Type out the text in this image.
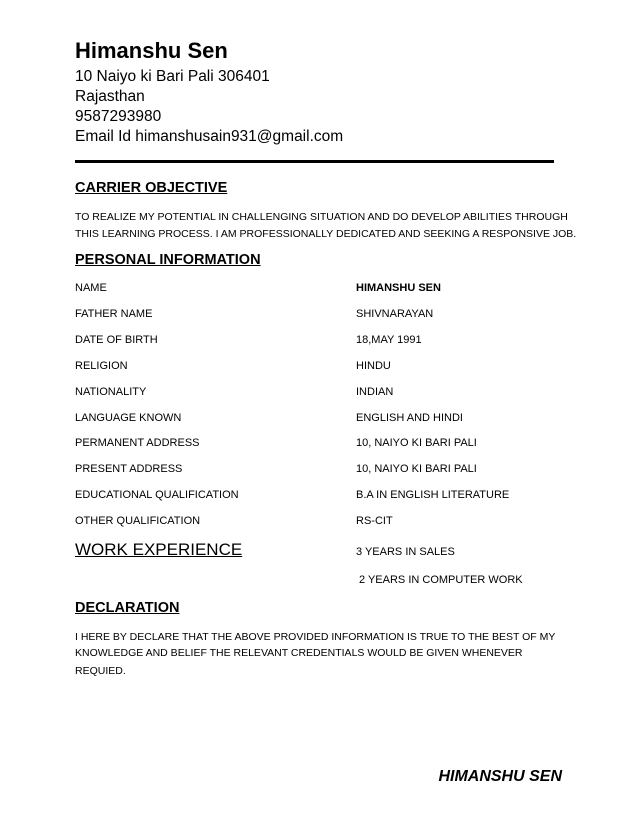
Himanshu Sen
10 Naiyo ki Bari Pali 306401
Rajasthan
9587293980
Email Id himanshusain931@gmail.com
CARRIER OBJECTIVE
TO REALIZE MY POTENTIAL IN CHALLENGING SITUATION AND DO DEVELOP ABILITIES THROUGH
THIS LEARNING PROCESS. I AM PROFESSIONALLY DEDICATED AND SEEKING A RESPONSIVE JOB.
PERSONAL INFORMATION
NAME	HIMANSHU SEN
FATHER NAME	SHIVNARAYAN
DATE OF BIRTH	18,MAY 1991
RELIGION	HINDU
NATIONALITY	INDIAN
LANGUAGE KNOWN	ENGLISH AND HINDI
PERMANENT ADDRESS	10, NAIYO KI BARI PALI
PRESENT ADDRESS	10, NAIYO KI BARI PALI
EDUCATIONAL QUALIFICATION	B.A IN ENGLISH LITERATURE
OTHER QUALIFICATION	RS-CIT
WORK EXPERIENCE	3 YEARS IN SALES
2 YEARS IN COMPUTER WORK
DECLARATION
I HERE BY DECLARE THAT THE ABOVE PROVIDED INFORMATION IS TRUE TO THE BEST OF MY
KNOWLEDGE AND BELIEF THE RELEVANT CREDENTIALS WOULD BE GIVEN WHENEVER
REQUIED.
HIMANSHU SEN
